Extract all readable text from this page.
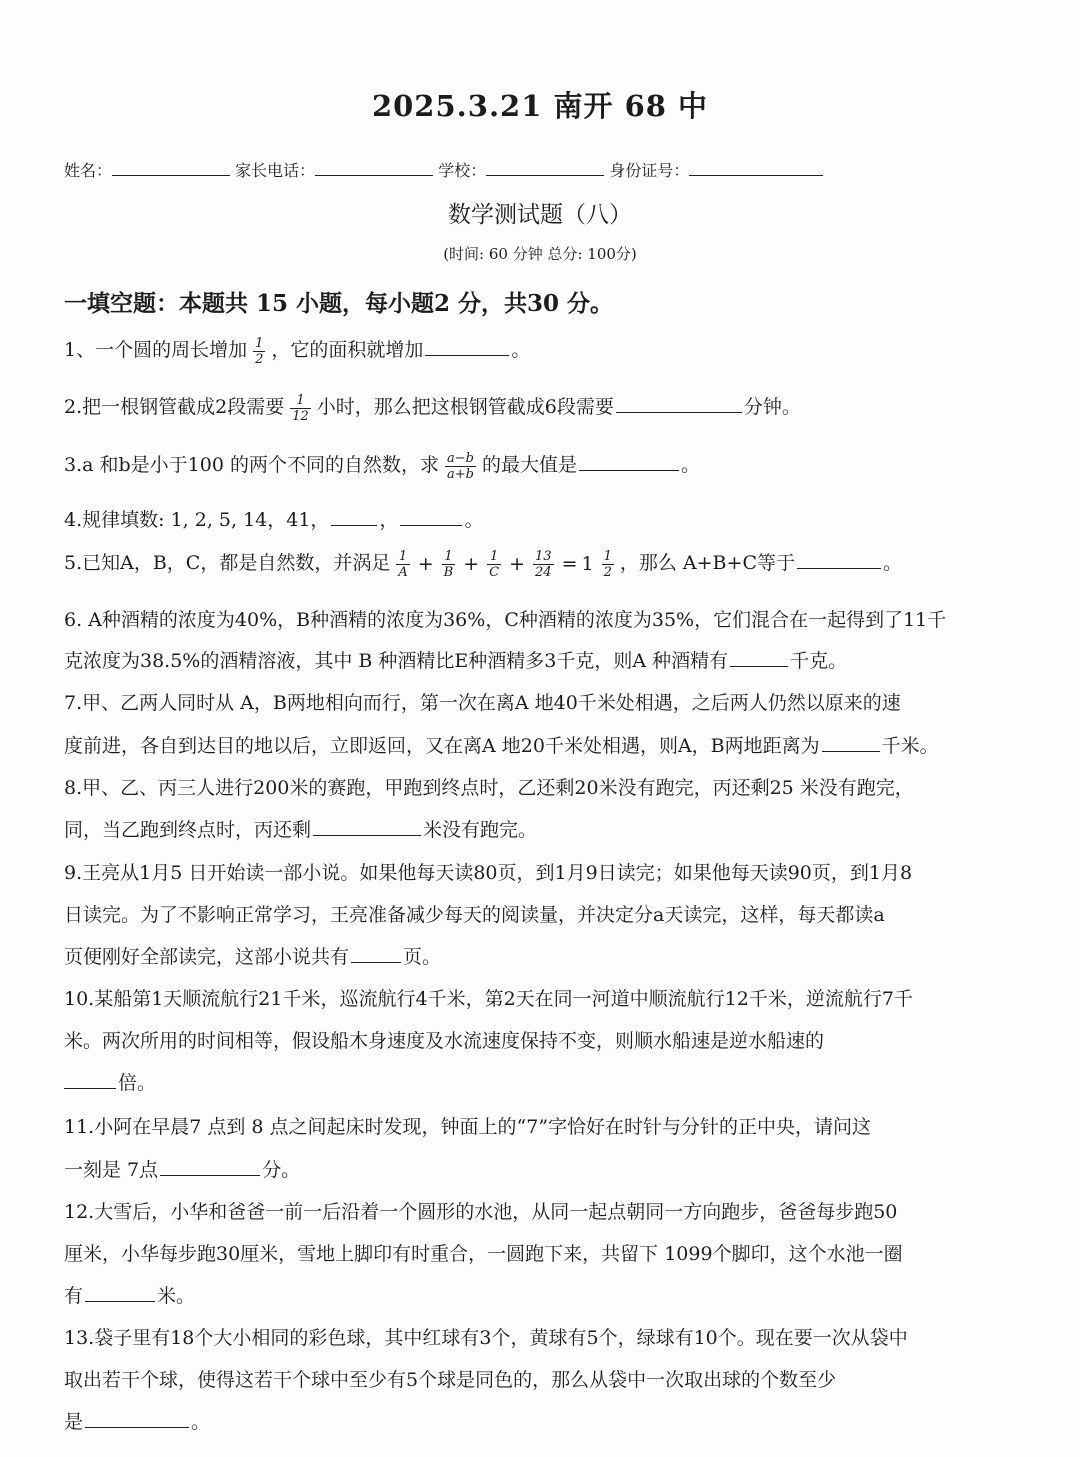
2025.3.21 南开 68 中
姓名：	家长电话：	学校：	身份证号：
数学测试题（八）
(时间: 60 分钟 总分: 100分)
一填空题：本题共 15 小题，每小题2 分，共30 分。
1、一个圆的周长增加 $\frac{1}{2}$ ，它的面积就增加	。
2.把一根钢管截成2段需要 $\frac{1}{12}$ 小时，那么把这根钢管截成6段需要	分钟。
3.a 和b是小于100 的两个不同的自然数，求 $\frac{a-b}{a+b}$ 的最大值是	。
4.规律填数: 1, 2, 5, 14，41，	，	。
5.已知A，B，C，都是自然数，并涡足 $\frac{1}{A} + \frac{1}{B} + \frac{1}{C} + \frac{13}{24} = 1 \frac{1}{2}$ ，那么 A+B+C等于	。
6. A种酒精的浓度为40%，B种酒精的浓度为36%，C种酒精的浓度为35%，它们混合在一起得到了11千
克浓度为38.5%的酒精溶液，其中 B 种酒精比E种酒精多3千克，则A 种酒精有	千克。
7.甲、乙两人同时从 A，B两地相向而行，第一次在离A 地40千米处相遇，之后两人仍然以原来的速
度前进，各自到达目的地以后，立即返回，又在离A 地20千米处相遇，则A，B两地距离为	千米。
8.甲、乙、丙三人进行200米的赛跑，甲跑到终点时，乙还剩20米没有跑完，丙还剩25 米没有跑完，
同，当乙跑到终点时，丙还剩	米没有跑完。
9.王亮从1月5 日开始读一部小说。如果他每天读80页，到1月9日读完；如果他每天读90页，到1月8
日读完。为了不影响正常学习，王亮准备减少每天的阅读量，并决定分a天读完，这样，每天都读a
页便刚好全部读完，这部小说共有	页。
10.某船第1天顺流航行21千米，巡流航行4千米，第2天在同一河道中顺流航行12千米，逆流航行7千
米。两次所用的时间相等，假设船木身速度及水流速度保持不变，则顺水船速是逆水船速的
倍。
11.小阿在早晨7 点到 8 点之间起床时发现，钟面上的“7”字恰好在时针与分针的正中央，请问这
一刻是 7点	分。
12.大雪后，小华和爸爸一前一后沿着一个圆形的水池，从同一起点朝同一方向跑步，爸爸每步跑50
厘米，小华每步跑30厘米，雪地上脚印有时重合，一圆跑下来，共留下 1099个脚印，这个水池一圈
有	米。
13.袋子里有18个大小相同的彩色球，其中红球有3个，黄球有5个，绿球有10个。现在要一次从袋中
取出若干个球，使得这若干个球中至少有5个球是同色的，那么从袋中一次取出球的个数至少
是	。
